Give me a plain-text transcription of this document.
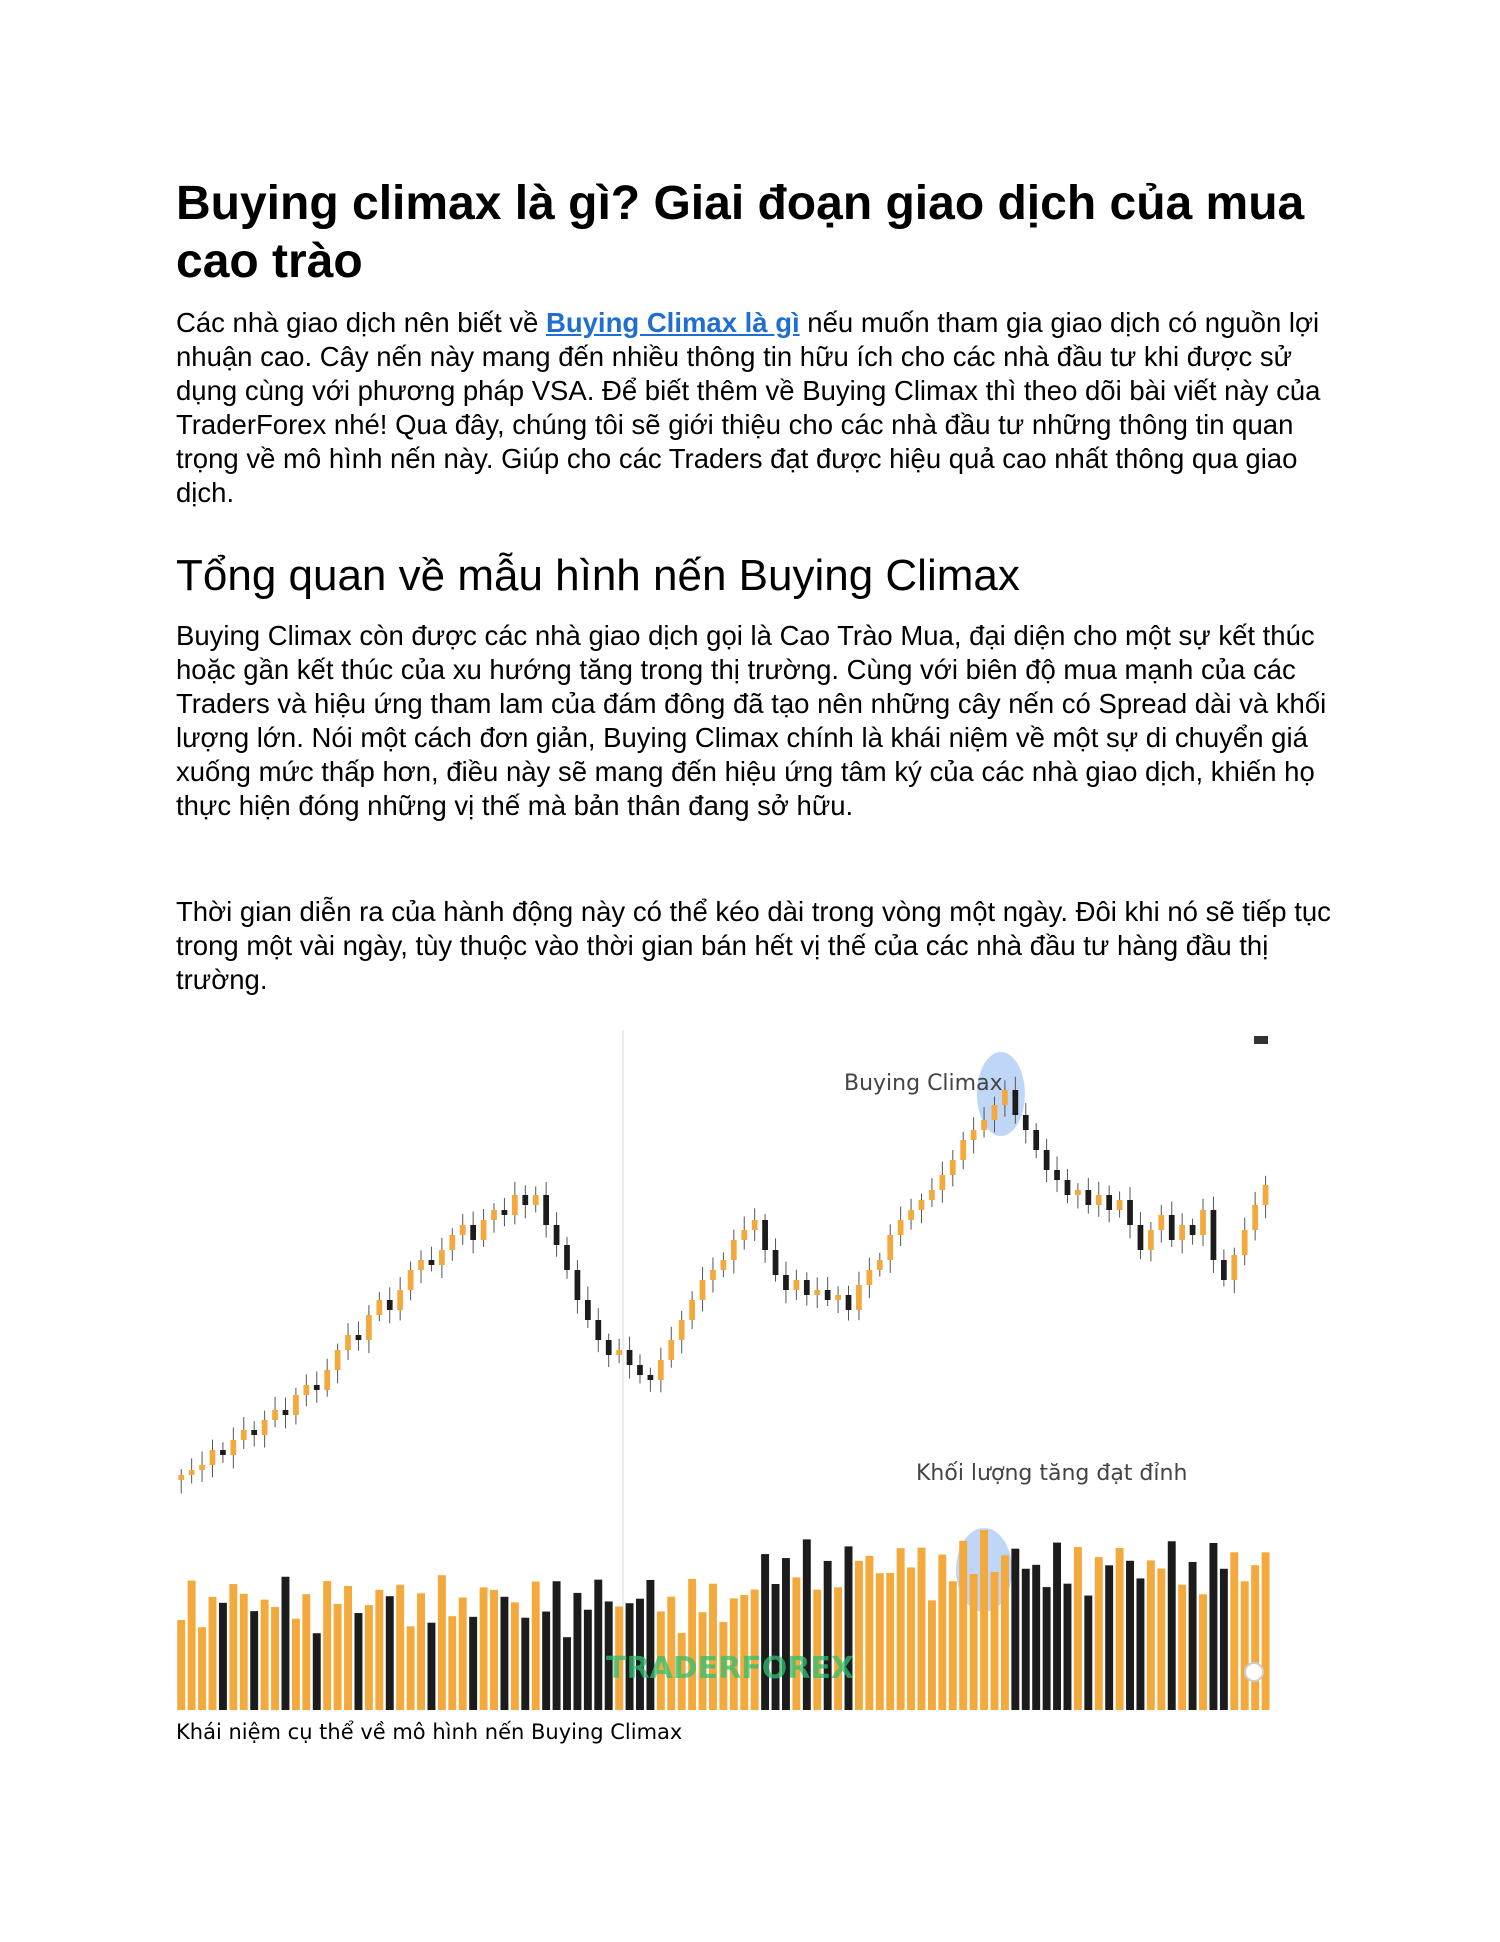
Buying climax là gì? Giai đoạn giao dịch của mua cao trào

Các nhà giao dịch nên biết về Buying Climax là gì nếu muốn tham gia giao dịch có nguồn lợi nhuận cao. Cây nến này mang đến nhiều thông tin hữu ích cho các nhà đầu tư khi được sử dụng cùng với phương pháp VSA. Để biết thêm về Buying Climax thì theo dõi bài viết này của TraderForex nhé! Qua đây, chúng tôi sẽ giới thiệu cho các nhà đầu tư những thông tin quan trọng về mô hình nến này. Giúp cho các Traders đạt được hiệu quả cao nhất thông qua giao dịch.

Tổng quan về mẫu hình nến Buying Climax

Buying Climax còn được các nhà giao dịch gọi là Cao Trào Mua, đại diện cho một sự kết thúc hoặc gần kết thúc của xu hướng tăng trong thị trường. Cùng với biên độ mua mạnh của các Traders và hiệu ứng tham lam của đám đông đã tạo nên những cây nến có Spread dài và khối lượng lớn. Nói một cách đơn giản, Buying Climax chính là khái niệm về một sự di chuyển giá xuống mức thấp hơn, điều này sẽ mang đến hiệu ứng tâm ký của các nhà giao dịch, khiến họ thực hiện đóng những vị thế mà bản thân đang sở hữu.

Thời gian diễn ra của hành động này có thể kéo dài trong vòng một ngày. Đôi khi nó sẽ tiếp tục trong một vài ngày, tùy thuộc vào thời gian bán hết vị thế của các nhà đầu tư hàng đầu thị trường.

Buying Climax
Khối lượng tăng đạt đỉnh
TRADERFOREX

Khái niệm cụ thể về mô hình nến Buying Climax
